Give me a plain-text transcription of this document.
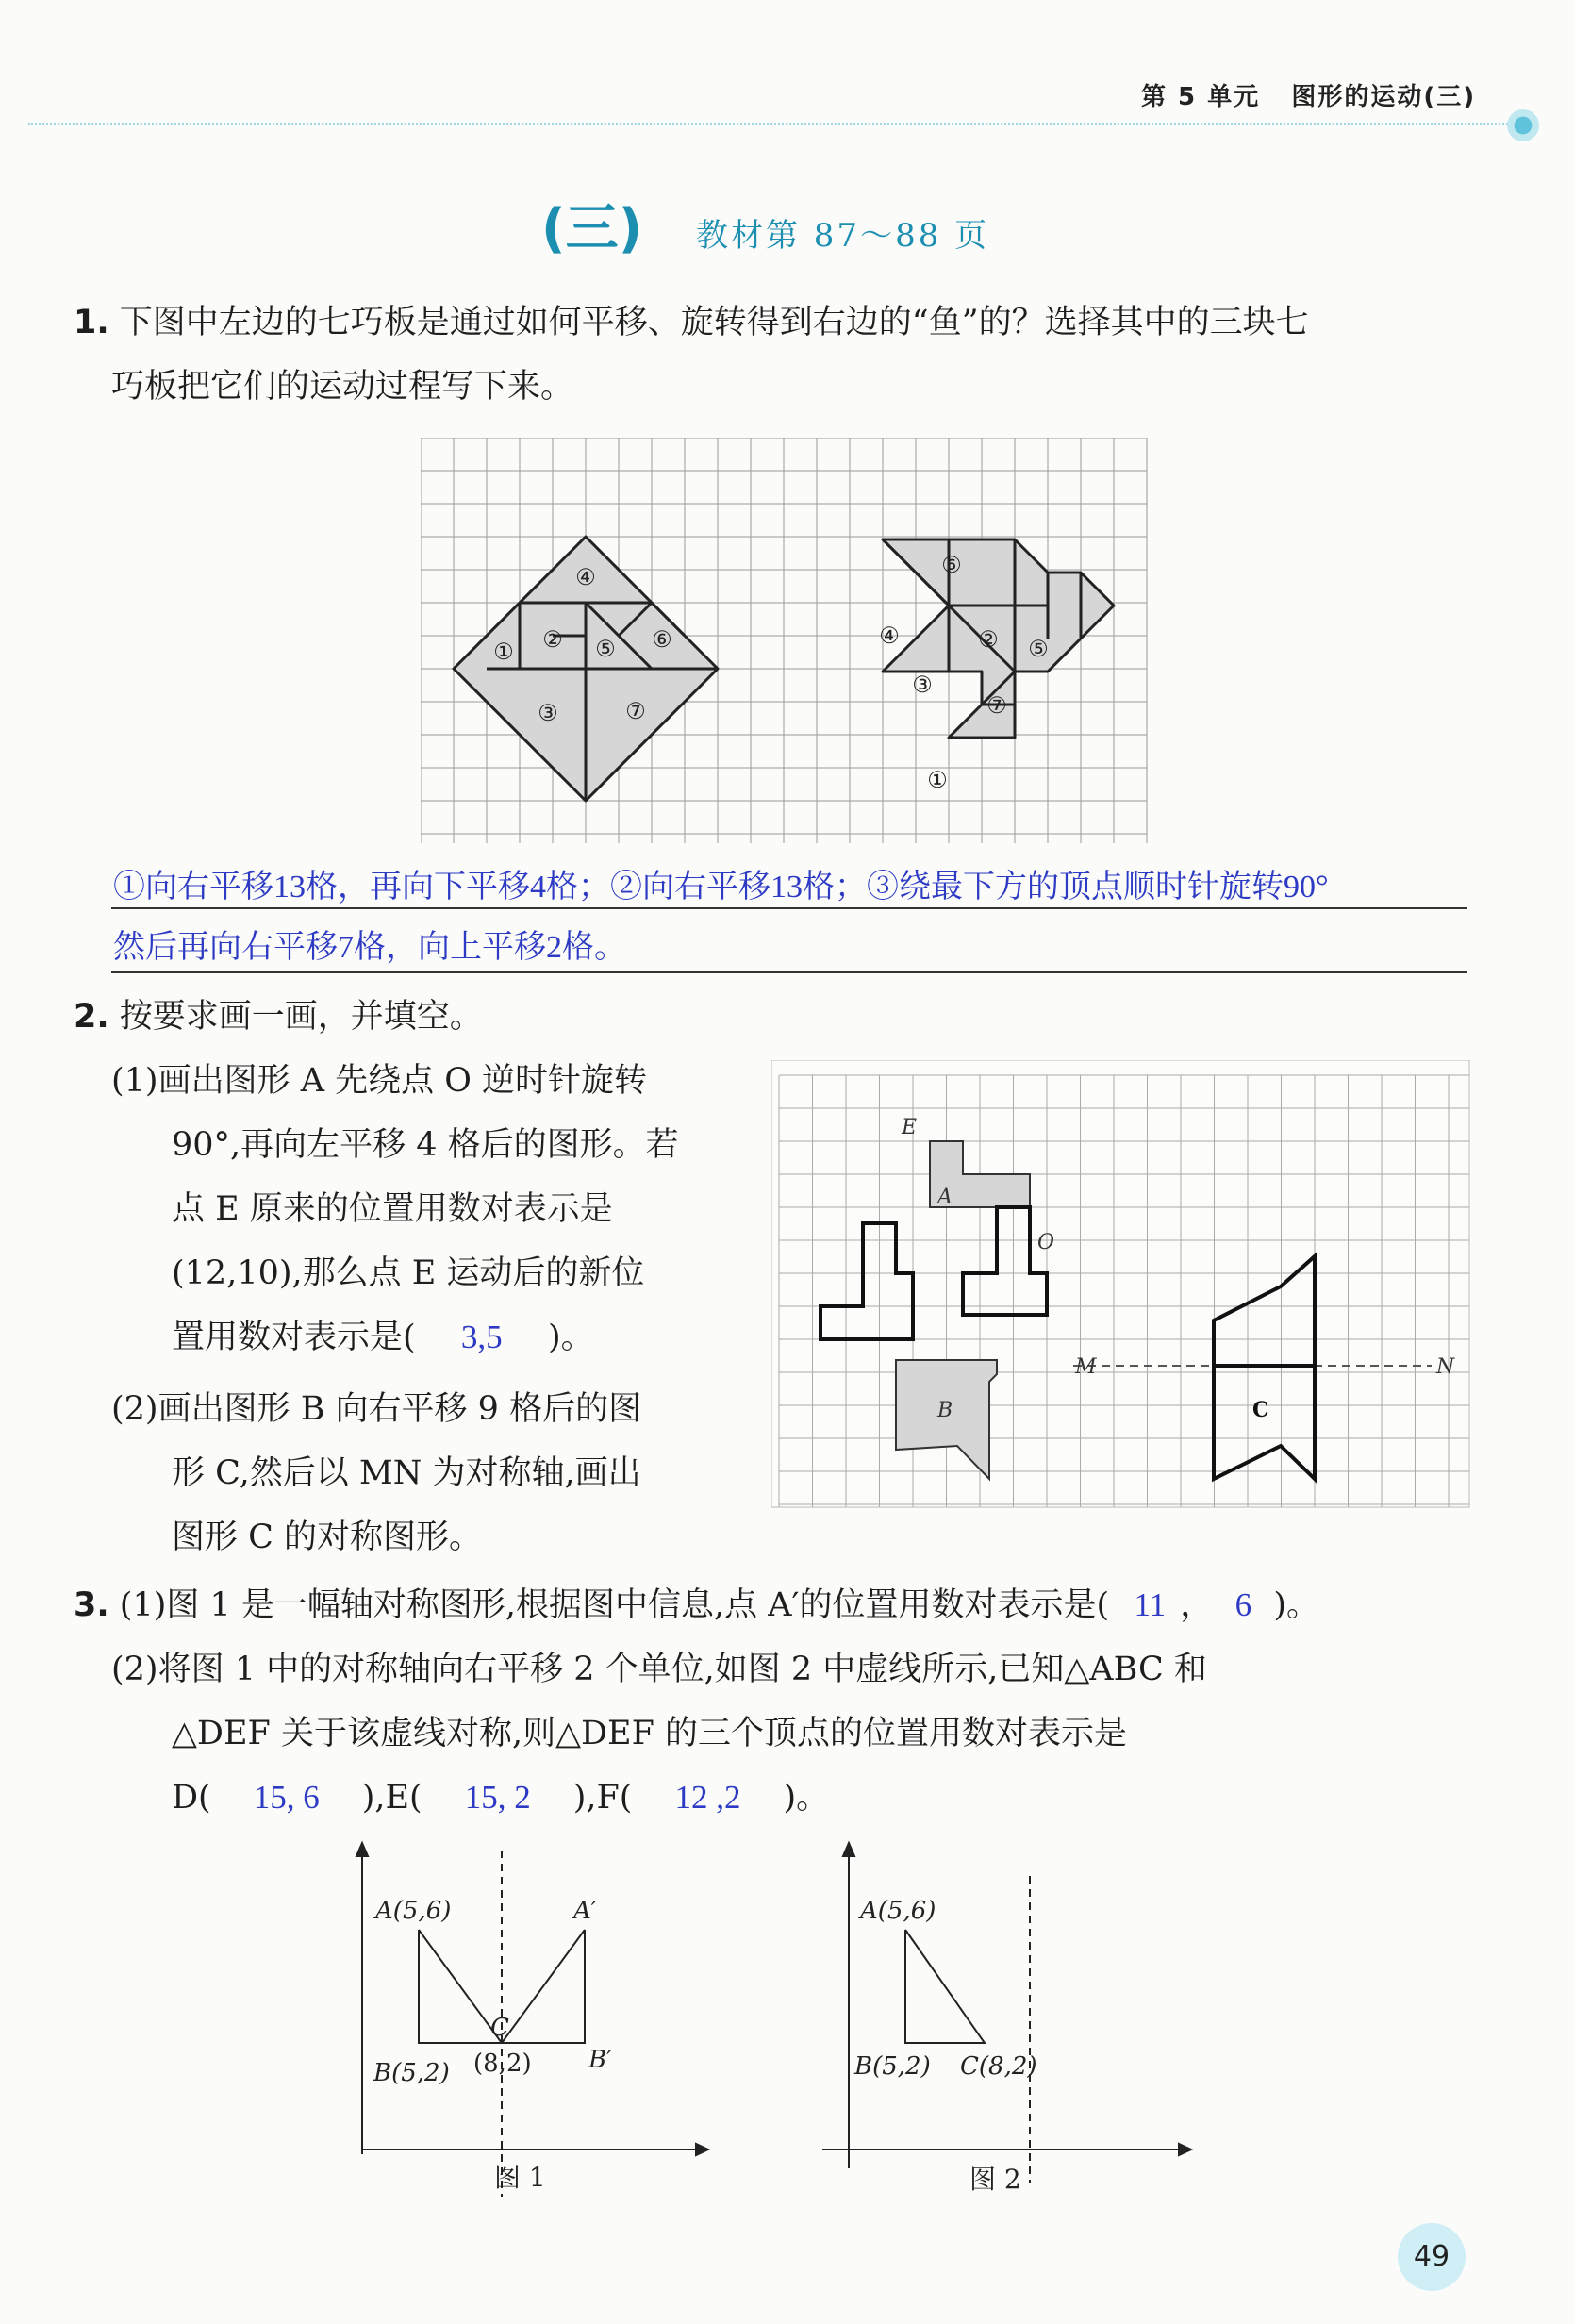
第 5 单元 图形的运动(三)
(三) 教材第 87～88 页
1. 下图中左边的七巧板是通过如何平移、旋转得到右边的“鱼”的？选择其中的三块七
巧板把它们的运动过程写下来。
④
① ② ⑤ ⑥
③	⑦
⑥
④	② ⑤
③
⑦
①
①向右平移13格，再向下平移4格；②向右平移13格；③绕最下方的顶点顺时针旋转90°
然后再向右平移7格，向上平移2格。
2. 按要求画一画，并填空。
(1)画出图形 A 先绕点 O 逆时针旋转
90°,再向左平移 4 格后的图形。若
点 E 原来的位置用数对表示是
(12,10),那么点 E 运动后的新位
置用数对表示是( 3,5 )。
(2)画出图形 B 向右平移 9 格后的图
形 C,然后以 MN 为对称轴,画出
图形 C 的对称图形。
E
A
O
B	C
M	N
3. (1)图 1 是一幅轴对称图形,根据图中信息,点 A′的位置用数对表示是( 11 ， 6 )。
(2)将图 1 中的对称轴向右平移 2 个单位,如图 2 中虚线所示,已知△ABC 和
△DEF 关于该虚线对称,则△DEF 的三个顶点的位置用数对表示是
D( 15, 6 ),E( 15, 2 ),F( 12 ,2 )。
A(5,6)	A′
C
B(5,2) (8,2) B′
图 1
A(5,6)
B(5,2) C(8,2)
图 2
49
